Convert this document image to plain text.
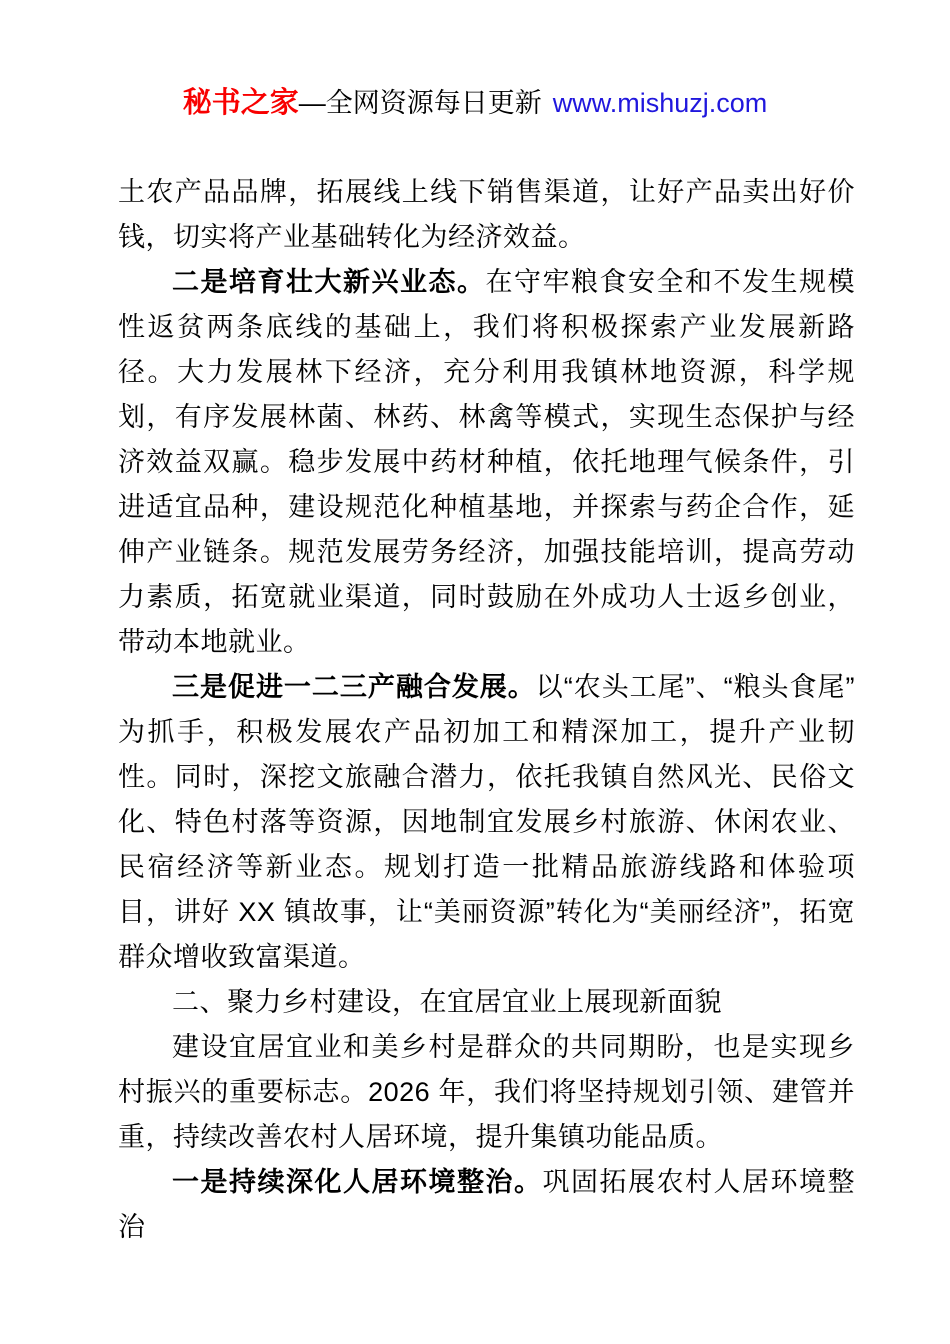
秘书之家—全网资源每日更新 www.mishuzj.com

土农产品品牌，拓展线上线下销售渠道，让好产品卖出好价钱，切实将产业基础转化为经济效益。

二是培育壮大新兴业态。在守牢粮食安全和不发生规模性返贫两条底线的基础上，我们将积极探索产业发展新路径。大力发展林下经济，充分利用我镇林地资源，科学规划，有序发展林菌、林药、林禽等模式，实现生态保护与经济效益双赢。稳步发展中药材种植，依托地理气候条件，引进适宜品种，建设规范化种植基地，并探索与药企合作，延伸产业链条。规范发展劳务经济，加强技能培训，提高劳动力素质，拓宽就业渠道，同时鼓励在外成功人士返乡创业，带动本地就业。

三是促进一二三产融合发展。以“农头工尾”、“粮头食尾”为抓手，积极发展农产品初加工和精深加工，提升产业韧性。同时，深挖文旅融合潜力，依托我镇自然风光、民俗文化、特色村落等资源，因地制宜发展乡村旅游、休闲农业、民宿经济等新业态。规划打造一批精品旅游线路和体验项目，讲好 XX 镇故事，让“美丽资源”转化为“美丽经济”，拓宽群众增收致富渠道。

二、聚力乡村建设，在宜居宜业上展现新面貌

建设宜居宜业和美乡村是群众的共同期盼，也是实现乡村振兴的重要标志。2026 年，我们将坚持规划引领、建管并重，持续改善农村人居环境，提升集镇功能品质。

一是持续深化人居环境整治。巩固拓展农村人居环境整治
